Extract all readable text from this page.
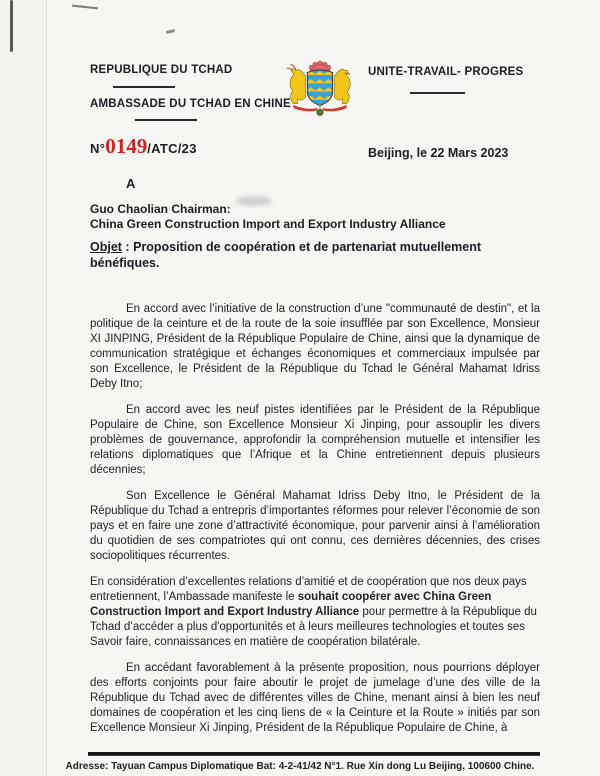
REPUBLIQUE DU TCHAD
AMBASSADE DU TCHAD EN CHINE
UNITE-TRAVAIL- PROGRES
N° 0149 /ATC/23	Beijing, le 22 Mars 2023
A
Guo Chaolian Chairman:
China Green Construction Import and Export Industry Alliance
Objet : Proposition de coopération et de partenariat mutuellement bénéfiques.

En accord avec l’initiative de la construction d’une "communauté de destin", et la politique de la ceinture et de la route de la soie insufflée par son Excellence, Monsieur XI JINPING, Président de la République Populaire de Chine, ainsi que la dynamique de communication stratégique et échanges économiques et commerciaux impulsée par son Excellence, le Président de la République du Tchad le Général Mahamat Idriss Deby Itno;

En accord avec les neuf pistes identifiées par le Président de la République Populaire de Chine, son Excellence Monsieur Xi Jinping, pour assouplir les divers problèmes de gouvernance, approfondir la compréhension mutuelle et intensifier les relations diplomatiques que l’Afrique et la Chine entretiennent depuis plusieurs décennies;

Son Excellence le Général Mahamat Idriss Deby Itno, le Président de la République du Tchad a entrepris d’importantes réformes pour relever l’économie de son pays et en faire une zone d’attractivité économique, pour parvenir ainsi à l’amélioration du quotidien de ses compatriotes qui ont connu, ces dernières décennies, des crises sociopolitiques récurrentes.

En considération d’excellentes relations d’amitié et de coopération que nos deux pays entretiennent, l’Ambassade manifeste le souhait coopérer avec China Green Construction Import and Export Industry Alliance pour permettre à la République du Tchad d’accéder a plus d'opportunités et à leurs meilleures technologies et toutes ses Savoir faire, connaissances en matière de coopération bilatérale.

En accédant favorablement à la présente proposition, nous pourrions déployer des efforts conjoints pour faire aboutir le projet de jumelage d’une des ville de la République du Tchad avec de différentes villes de Chine, menant ainsi à bien les neuf domaines de coopération et les cinq liens de « la Ceinture et la Route » initiés par son Excellence Monsieur Xi Jinping, Président de la République Populaire de Chine, à

Adresse: Tayuan Campus Diplomatique Bat: 4-2-41/42 N°1. Rue Xin dong Lu Beijing, 100600 Chine.
